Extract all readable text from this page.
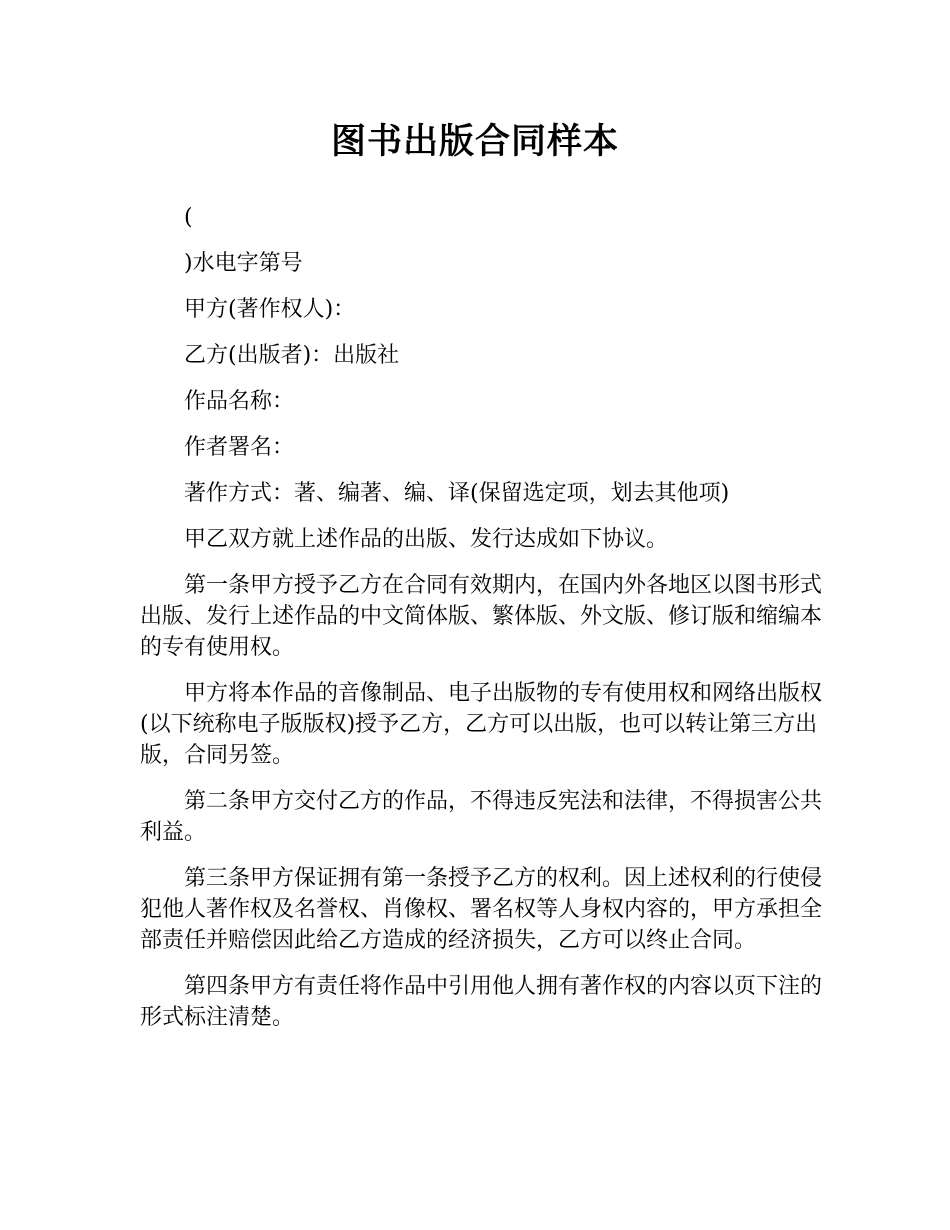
图书出版合同样本

(

)水电字第号

甲方(著作权人)：

乙方(出版者)：出版社

作品名称：

作者署名：

著作方式：著、编著、编、译(保留选定项，划去其他项)

甲乙双方就上述作品的出版、发行达成如下协议。

第一条甲方授予乙方在合同有效期内，在国内外各地区以图书形式出版、发行上述作品的中文简体版、繁体版、外文版、修订版和缩编本的专有使用权。

甲方将本作品的音像制品、电子出版物的专有使用权和网络出版权(以下统称电子版版权)授予乙方，乙方可以出版，也可以转让第三方出版，合同另签。

第二条甲方交付乙方的作品，不得违反宪法和法律，不得损害公共利益。

第三条甲方保证拥有第一条授予乙方的权利。因上述权利的行使侵犯他人著作权及名誉权、肖像权、署名权等人身权内容的，甲方承担全部责任并赔偿因此给乙方造成的经济损失，乙方可以终止合同。

第四条甲方有责任将作品中引用他人拥有著作权的内容以页下注的形式标注清楚。
